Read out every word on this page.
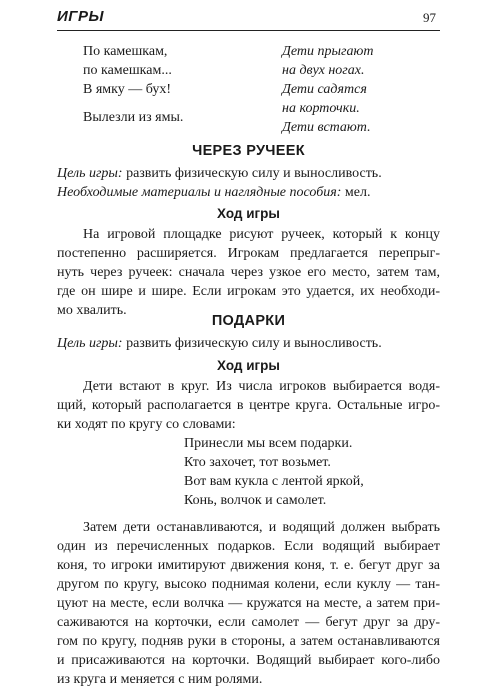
ИГРЫ	97
По камешкам,
по камешкам...
В ямку — бух!
Вылезли из ямы.
Дети прыгают
на двух ногах.
Дети садятся
на корточки.
Дети встают.
ЧЕРЕЗ РУЧЕЕК
Цель игры: развить физическую силу и выносливость.
Необходимые материалы и наглядные пособия: мел.
Ход игры
На игровой площадке рисуют ручеек, который к концу
постепенно расширяется. Игрокам предлагается перепрыг-
нуть через ручеек: сначала через узкое его место, затем там,
где он шире и шире. Если игрокам это удается, их необходи-
мо хвалить.
ПОДАРКИ
Цель игры: развить физическую силу и выносливость.
Ход игры
Дети встают в круг. Из числа игроков выбирается водя-
щий, который располагается в центре круга. Остальные игро-
ки ходят по кругу со словами:
Принесли мы всем подарки.
Кто захочет, тот возьмет.
Вот вам кукла с лентой яркой,
Конь, волчок и самолет.
Затем дети останавливаются, и водящий должен выбрать
один из перечисленных подарков. Если водящий выбирает
коня, то игроки имитируют движения коня, т. е. бегут друг за
другом по кругу, высоко поднимая колени, если куклу — тан-
цуют на месте, если волчка — кружатся на месте, а затем при-
саживаются на корточки, если самолет — бегут друг за дру-
гом по кругу, подняв руки в стороны, а затем останавливаются
и присаживаются на корточки. Водящий выбирает кого-либо
из круга и меняется с ним ролями.
